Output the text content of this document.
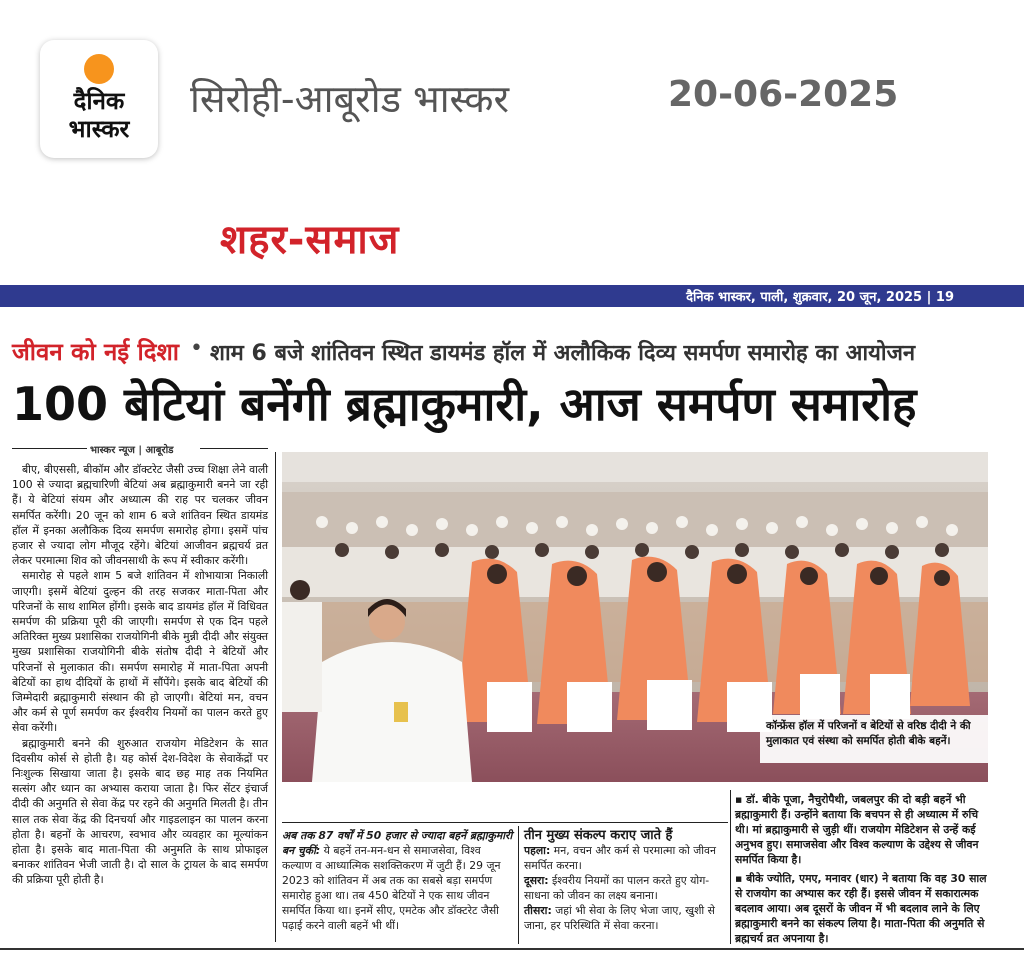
दैनिक
भास्कर
सिरोही-आबूरोड भास्कर	20-06-2025
शहर-समाज
दैनिक भास्कर, पाली, शुक्रवार, 20 जून, 2025 | 19
जीवन को नई दिशा • शाम 6 बजे शांतिवन स्थित डायमंड हॉल में अलौकिक दिव्य समर्पण समारोह का आयोजन
100 बेटियां बनेंगी ब्रह्माकुमारी, आज समर्पण समारोह
भास्कर न्यूज | आबूरोड

बीए, बीएससी, बीकॉम और डॉक्टरेट जैसी उच्च शिक्षा लेने वाली 100 से ज्यादा ब्रह्मचारिणी बेटियां अब ब्रह्माकुमारी बनने जा रही हैं। ये बेटियां संयम और अध्यात्म की राह पर चलकर जीवन समर्पित करेंगी। 20 जून को शाम 6 बजे शांतिवन स्थित डायमंड हॉल में इनका अलौकिक दिव्य समर्पण समारोह होगा। इसमें पांच हजार से ज्यादा लोग मौजूद रहेंगे। बेटियां आजीवन ब्रह्मचर्य व्रत लेकर परमात्मा शिव को जीवनसाथी के रूप में स्वीकार करेंगी।

समारोह से पहले शाम 5 बजे शांतिवन में शोभायात्रा निकाली जाएगी। इसमें बेटियां दुल्हन की तरह सजकर माता-पिता और परिजनों के साथ शामिल होंगी। इसके बाद डायमंड हॉल में विधिवत समर्पण की प्रक्रिया पूरी की जाएगी। समर्पण से एक दिन पहले अतिरिक्त मुख्य प्रशासिका राजयोगिनी बीके मुन्नी दीदी और संयुक्त मुख्य प्रशासिका राजयोगिनी बीके संतोष दीदी ने बेटियों और परिजनों से मुलाकात की। समर्पण समारोह में माता-पिता अपनी बेटियों का हाथ दीदियों के हाथों में सौंपेंगे। इसके बाद बेटियों की जिम्मेदारी ब्रह्माकुमारी संस्थान की हो जाएगी। बेटियां मन, वचन और कर्म से पूर्ण समर्पण कर ईश्वरीय नियमों का पालन करते हुए सेवा करेंगी।

ब्रह्माकुमारी बनने की शुरुआत राजयोग मेडिटेशन के सात दिवसीय कोर्स से होती है। यह कोर्स देश-विदेश के सेवाकेंद्रों पर निःशुल्क सिखाया जाता है। इसके बाद छह माह तक नियमित सत्संग और ध्यान का अभ्यास कराया जाता है। फिर सेंटर इंचार्ज दीदी की अनुमति से सेवा केंद्र पर रहने की अनुमति मिलती है। तीन साल तक सेवा केंद्र की दिनचर्या और गाइडलाइन का पालन करना होता है। बहनों के आचरण, स्वभाव और व्यवहार का मूल्यांकन होता है। इसके बाद माता-पिता की अनुमति के साथ प्रोफाइल बनाकर शांतिवन भेजी जाती है। दो साल के ट्रायल के बाद समर्पण की प्रक्रिया पूरी होती है।

कॉन्फ्रेंस हॉल में परिजनों व बेटियों से वरिष्ठ दीदी ने की मुलाकात एवं संस्था को समर्पित होती बीके बहनें।
अब तक 87 वर्षों में 50 हजार से ज्यादा बहनें ब्रह्माकुमारी बन चुकीं: ये बहनें तन-मन-धन से समाजसेवा, विश्व कल्याण व आध्यात्मिक सशक्तिकरण में जुटी हैं। 29 जून 2023 को शांतिवन में अब तक का सबसे बड़ा समर्पण समारोह हुआ था। तब 450 बेटियों ने एक साथ जीवन समर्पित किया था। इनमें सीए, एमटेक और डॉक्टरेट जैसी पढ़ाई करने वाली बहनें भी थीं।
तीन मुख्य संकल्प कराए जाते हैं
पहला: मन, वचन और कर्म से परमात्मा को जीवन समर्पित करना।
दूसरा: ईश्वरीय नियमों का पालन करते हुए योग-साधना को जीवन का लक्ष्य बनाना।
तीसरा: जहां भी सेवा के लिए भेजा जाए, खुशी से जाना, हर परिस्थिति में सेवा करना।
▪ डॉ. बीके पूजा, नैचुरोपैथी, जबलपुर की दो बड़ी बहनें भी ब्रह्माकुमारी हैं। उन्होंने बताया कि बचपन से ही अध्यात्म में रुचि थी। मां ब्रह्माकुमारी से जुड़ी थीं। राजयोग मेडिटेशन से उन्हें कई अनुभव हुए। समाजसेवा और विश्व कल्याण के उद्देश्य से जीवन समर्पित किया है।
▪ बीके ज्योति, एमए, मनावर (धार) ने बताया कि वह 30 साल से राजयोग का अभ्यास कर रही हैं। इससे जीवन में सकारात्मक बदलाव आया। अब दूसरों के जीवन में भी बदलाव लाने के लिए ब्रह्माकुमारी बनने का संकल्प लिया है। माता-पिता की अनुमति से ब्रह्मचर्य व्रत अपनाया है।
